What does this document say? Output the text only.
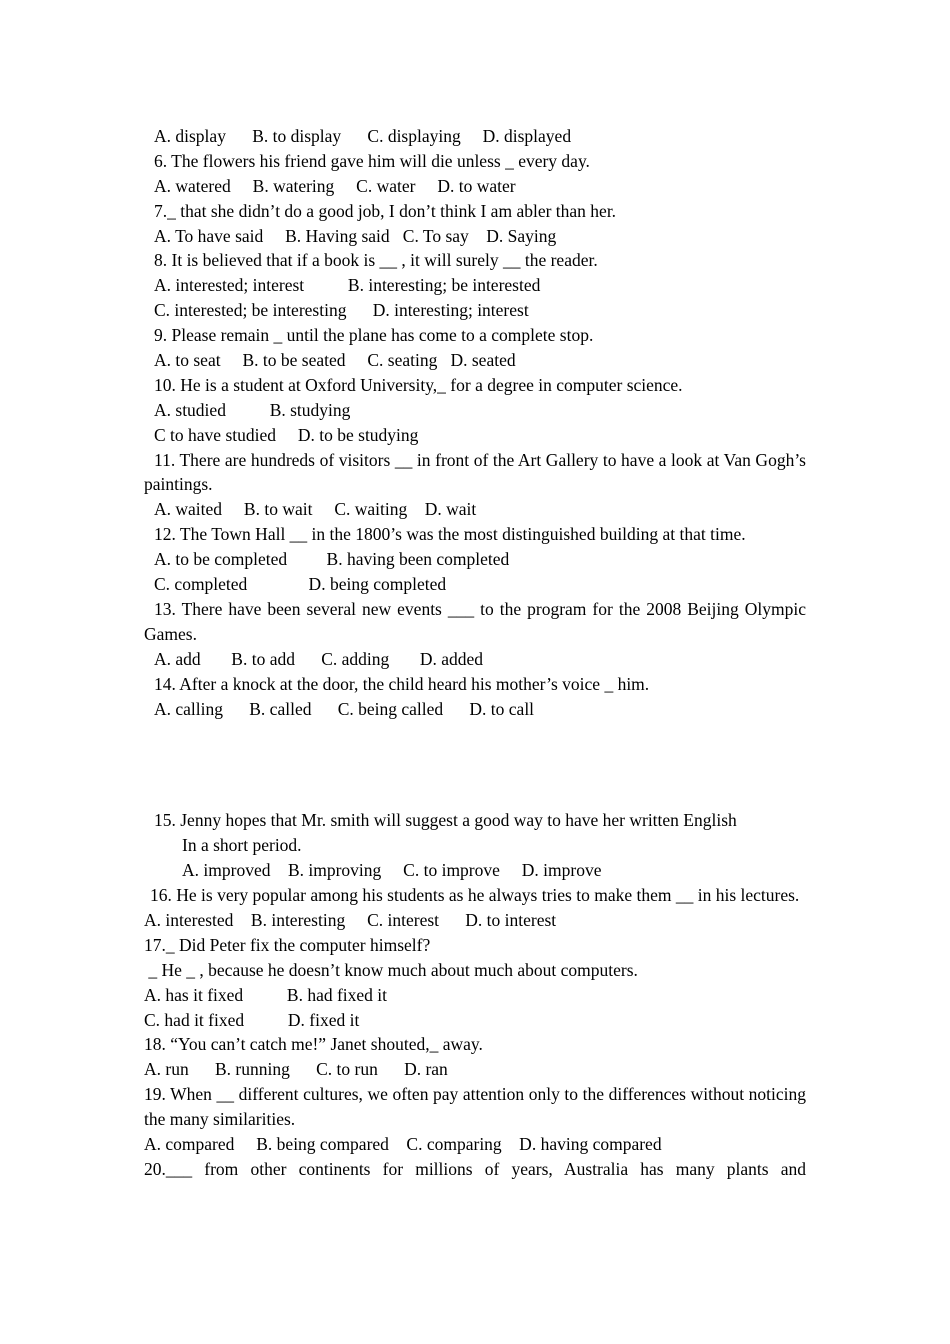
A. display      B. to display      C. displaying     D. displayed
6. The flowers his friend gave him will die unless _ every day.
A. watered     B. watering     C. water     D. to water
7._ that she didn’t do a good job, I don’t think I am abler than her.
A. To have said     B. Having said   C. To say    D. Saying
8. It is believed that if a book is __ , it will surely __ the reader.
A. interested; interest          B. interesting; be interested
C. interested; be interesting      D. interesting; interest
9. Please remain _ until the plane has come to a complete stop.
A. to seat     B. to be seated     C. seating   D. seated
10. He is a student at Oxford University,_ for a degree in computer science.
A. studied          B. studying
C to have studied     D. to be studying
11. There are hundreds of visitors __ in front of the Art Gallery to have a look at Van Gogh’s paintings.
A. waited     B. to wait     C. waiting    D. wait
12. The Town Hall __ in the 1800’s was the most distinguished building at that time.
A. to be completed         B. having been completed
C. completed              D. being completed
13. There have been several new events ___ to the program for the 2008 Beijing Olympic Games.
A. add       B. to add      C. adding       D. added
14. After a knock at the door, the child heard his mother’s voice _ him.
A. calling      B. called      C. being called      D. to call
15. Jenny hopes that Mr. smith will suggest a good way to have her written English
In a short period.
A. improved    B. improving     C. to improve     D. improve
16. He is very popular among his students as he always tries to make them __ in his lectures.
A. interested    B. interesting     C. interest      D. to interest
17._ Did Peter fix the computer himself?
_ He _ , because he doesn’t know much about much about computers.
A. has it fixed          B. had fixed it
C. had it fixed          D. fixed it
18. “You can’t catch me!” Janet shouted,_ away.
A. run      B. running      C. to run      D. ran
19. When __ different cultures, we often pay attention only to the differences without noticing the many similarities.
A. compared     B. being compared    C. comparing    D. having compared
20.___ from other continents for millions of years, Australia has many plants and
